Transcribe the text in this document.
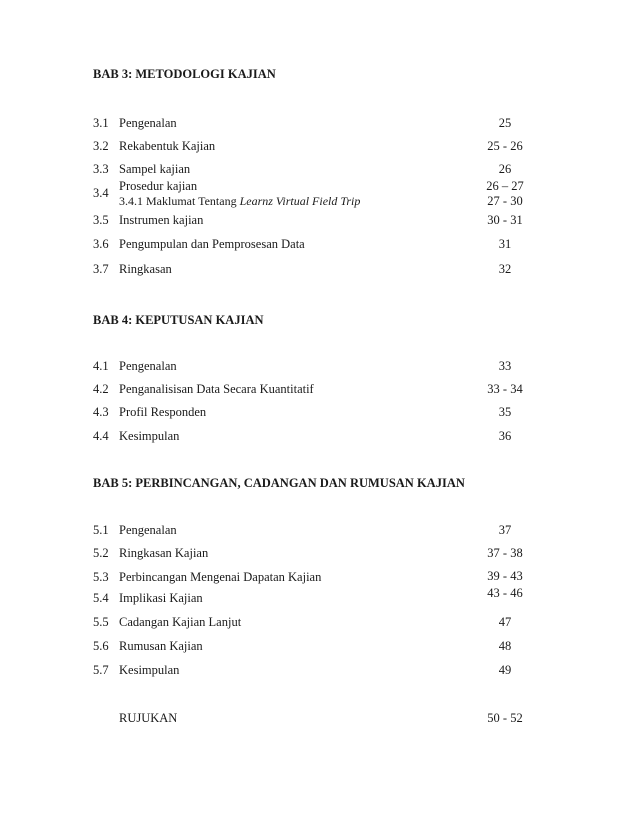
BAB 3: METODOLOGI KAJIAN
3.1 Pengenalan	25
3.2 Rekabentuk Kajian	25 - 26
3.3 Sampel kajian	26
3.4 Prosedur kajian	26 – 27
3.4.1 Maklumat Tentang Learnz Virtual Field Trip	27 - 30
3.5 Instrumen kajian	30 - 31
3.6 Pengumpulan dan Pemprosesan Data	31
3.7 Ringkasan	32
BAB 4: KEPUTUSAN KAJIAN
4.1 Pengenalan	33
4.2 Penganalisisan Data Secara Kuantitatif	33 - 34
4.3 Profil Responden	35
4.4 Kesimpulan	36
BAB 5: PERBINCANGAN, CADANGAN DAN RUMUSAN KAJIAN
5.1 Pengenalan	37
5.2 Ringkasan Kajian	37 - 38
5.3 Perbincangan Mengenai Dapatan Kajian	39 - 43
5.4 Implikasi Kajian	43 - 46
5.5 Cadangan Kajian Lanjut	47
5.6 Rumusan Kajian	48
5.7 Kesimpulan	49
RUJUKAN	50 - 52
